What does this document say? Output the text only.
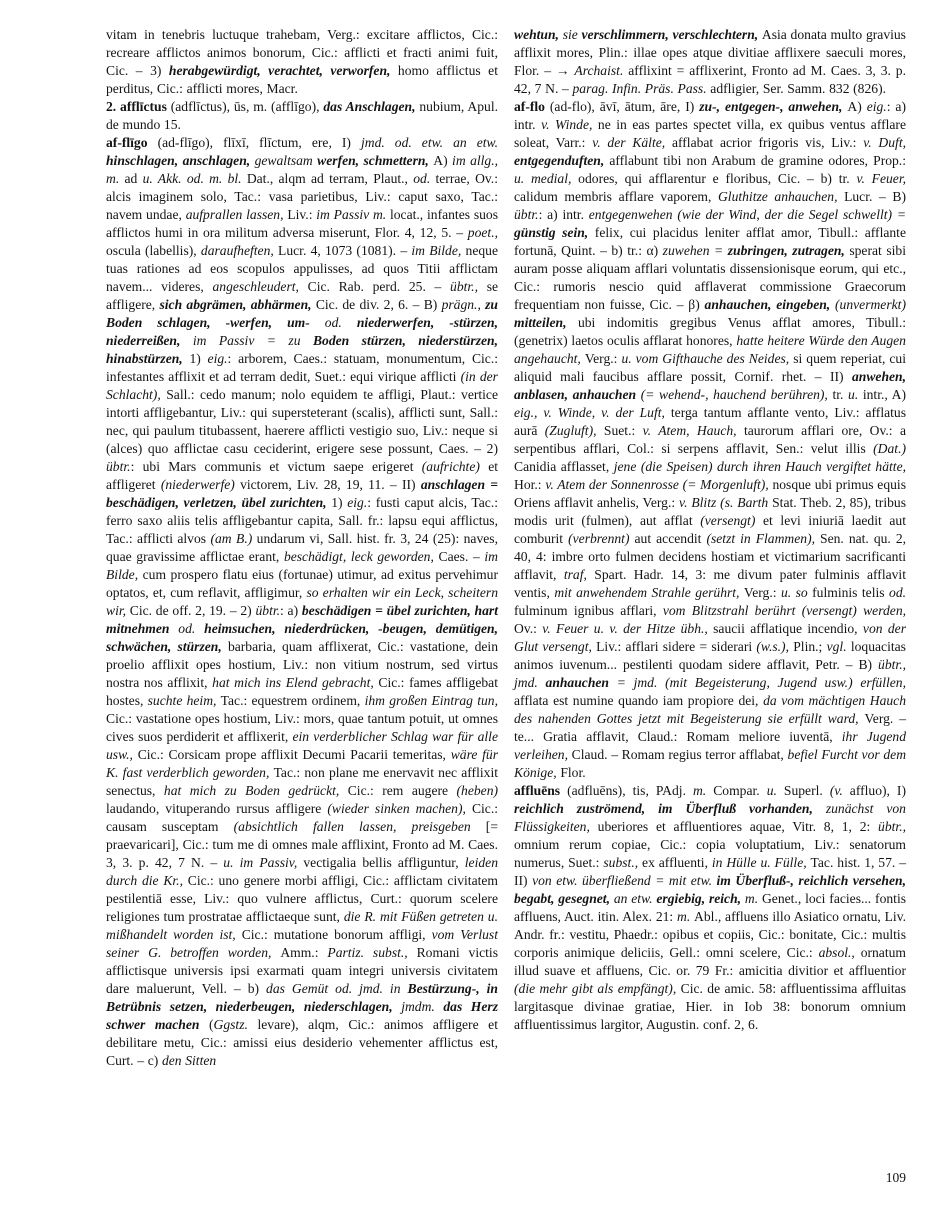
vitam in tenebris luctuque trahebam, Verg.: excitare afflictos, Cic.: recreare afflictos animos bonorum, Cic.: afflicti et fracti animi fuit, Cic. – 3) herabgewürdigt, verachtet, verworfen, homo afflictus et perditus, Cic.: afflicti mores, Macr.

2. afflīctus (adflīctus), ūs, m. (afflīgo), das Anschlagen, nubium, Apul. de mundo 15.

af-flīgo (ad-flīgo), flīxī, flīctum, ere, I) jmd. od. etw. an etw. hinschlagen, anschlagen, gewaltsam werfen, schmettern, A) im allg., m. ad u. Akk. od. m. bl. Dat., alqm ad terram, Plaut., od. terrae, Ov.: alcis imaginem solo, Tac.: vasa parietibus, Liv.: caput saxo, Tac.: navem undae, aufprallen lassen, Liv.: im Passiv m. locat., infantes suos afflictos humi in ora militum adversa miserunt, Flor. 4, 12, 5. – poet., oscula (labellis), daraufheften, Lucr. 4, 1073 (1081). – im Bilde, neque tuas rationes ad eos scopulos appulisses, ad quos Titii afflictam navem... videres, angeschleudert, Cic. Rab. perd. 25. – übtr., se affligere, sich abgrämen, abhärmen, Cic. de div. 2, 6. – B) prägn., zu Boden schlagen, -werfen, um- od. niederwerfen, -stürzen, niederreißen, im Passiv = zu Boden stürzen, niederstürzen, hinabstürzen, 1) eig.: arborem, Caes.: statuam, monumentum, Cic.: infestantes afflixit et ad terram dedit, Suet.: equi virique afflicti (in der Schlacht), Sall.: cedo manum; nolo equidem te affligi, Plaut.: vertice intorti affligebantur, Liv.: qui supersteterant (scalis), afflicti sunt, Sall.: nec, qui paulum titubassent, haerere afflicti vestigio suo, Liv.: neque si (alces) quo afflictae casu ceciderint, erigere sese possunt, Caes. – 2) übtr.: ubi Mars communis et victum saepe erigeret (aufrichte) et affligeret (niederwerfe) victorem, Liv. 28, 19, 11. – II) anschlagen = beschädigen, verletzen, übel zurichten, 1) eig.: fusti caput alcis, Tac.: ferro saxo aliis telis affligebantur capita, Sall. fr.: lapsu equi afflictus, Tac.: afflicti alvos (am B.) undarum vi, Sall. hist. fr. 3, 24 (25): naves, quae gravissime afflictae erant, beschädigt, leck geworden, Caes. – im Bilde, cum prospero flatu eius (fortunae) utimur, ad exitus pervehimur optatos, et, cum reflavit, affligimur, so erhalten wir ein Leck, scheitern wir, Cic. de off. 2, 19. – 2) übtr.: a) beschädigen = übel zurichten, hart mitnehmen od. heimsuchen, niederdrücken, -beugen, demütigen, schwächen, stürzen, barbaria, quam afflixerat, Cic.: vastatione, dein proelio afflixit opes hostium, Liv.: non vitium nostrum, sed virtus nostra nos afflixit, hat mich ins Elend gebracht, Cic.: fames affligebat hostes, suchte heim, Tac.: equestrem ordinem, ihm großen Eintrag tun, Cic.: vastatione opes hostium, Liv.: mors, quae tantum potuit, ut omnes cives suos perdiderit et afflixerit, ein verderblicher Schlag war für alle usw., Cic.: Corsicam prope afflixit Decumi Pacarii temeritas, wäre für K. fast verderblich geworden, Tac.: non plane me enervavit nec afflixit senectus, hat mich zu Boden gedrückt, Cic.: rem augere (heben) laudando, vituperando rursus affligere (wieder sinken machen), Cic.: causam susceptam (absichtlich fallen lassen, preisgeben [= praevaricari], Cic.: tum me di omnes male afflixint, Fronto ad M. Caes. 3, 3. p. 42, 7 N. – u. im Passiv, vectigalia bellis affliguntur, leiden durch die Kr., Cic.: uno genere morbi affligi, Cic.: afflictam civitatem pestilentiā esse, Liv.: quo vulnere afflictus, Curt.: quorum scelere religiones tum prostratae afflictaeque sunt, die R. mit Füßen getreten u. mißhandelt worden ist, Cic.: mutatione bonorum affligi, vom Verlust seiner G. betroffen worden, Amm.: Partiz. subst., Romani victis afflictisque universis ipsi exarmati quam integri universis civitatem dare maluerunt, Vell. – b) das Gemüt od. jmd. in Bestürzung-, in Betrübnis setzen, niederbeugen, niederschlagen, jmdm. das Herz schwer machen (Ggstz. levare), alqm, Cic.: animos affligere et debilitare metu, Cic.: amissi eius desiderio vehementer afflictus est, Curt. – c) den Sitten

wehtun, sie verschlimmern, verschlechtern, Asia donata multo gravius afflixit mores, Plin.: illae opes atque divitiae afflixere saeculi mores, Flor. – → Archaist. afflixint = afflixerint, Fronto ad M. Caes. 3, 3. p. 42, 7 N. – parag. Infin. Präs. Pass. adfligier, Ser. Samm. 832 (826).

af-flo (ad-flo), āvī, ātum, āre, I) zu-, entgegen-, anwehen, A) eig.: a) intr. v. Winde, ne in eas partes spectet villa, ex quibus ventus afflare soleat, Varr.: v. der Kälte, afflabat acrior frigoris vis, Liv.: v. Duft, entgegenduften, afflabunt tibi non Arabum de gramine odores, Prop.: u. medial, odores, qui afflarentur e floribus, Cic. – b) tr. v. Feuer, calidum membris afflare vaporem, Gluthitze anhauchen, Lucr. – B) übtr.: a) intr. entgegenwehen (wie der Wind, der die Segel schwellt) = günstig sein, felix, cui placidus leniter afflat amor, Tibull.: afflante fortunā, Quint. – b) tr.: α) zuwehen = zubringen, zutragen, sperat sibi auram posse aliquam afflari voluntatis dissensionisque eorum, qui etc., Cic.: rumoris nescio quid afflaverat commissione Graecorum frequentiam non fuisse, Cic. – β) anhauchen, eingeben, (unvermerkt) mitteilen, ubi indomitis gregibus Venus afflat amores, Tibull.: (genetrix) laetos oculis afflarat honores, hatte heitere Würde den Augen angehaucht, Verg.: u. vom Gifthauche des Neides, si quem reperiat, cui aliquid mali faucibus afflare possit, Cornif. rhet. – II) anwehen, anblasen, anhauchen (= wehend-, hauchend berühren), tr. u. intr., A) eig., v. Winde, v. der Luft, terga tantum afflante vento, Liv.: afflatus aurā (Zugluft), Suet.: v. Atem, Hauch, taurorum afflari ore, Ov.: a serpentibus afflari, Col.: si serpens afflavit, Sen.: velut illis (Dat.) Canidia afflasset, jene (die Speisen) durch ihren Hauch vergiftet hätte, Hor.: v. Atem der Sonnenrosse (= Morgenluft), nosque ubi primus equis Oriens afflavit anhelis, Verg.: v. Blitz (s. Barth Stat. Theb. 2, 85), tribus modis urit (fulmen), aut afflat (versengt) et levi iniuriā laedit aut comburit (verbrennt) aut accendit (setzt in Flammen), Sen. nat. qu. 2, 40, 4: imbre orto fulmen decidens hostiam et victimarium sacrificanti afflavit, traf, Spart. Hadr. 14, 3: me divum pater fulminis afflavit ventis, mit anwehendem Strahle gerührt, Verg.: u. so fulminis telis od. fulminum ignibus afflari, vom Blitzstrahl berührt (versengt) werden, Ov.: v. Feuer u. v. der Hitze übh., saucii afflatique incendio, von der Glut versengt, Liv.: afflari sidere = siderari (w.s.), Plin.; vgl. loquacitas animos iuvenum... pestilenti quodam sidere afflavit, Petr. – B) übtr., jmd. anhauchen = jmd. (mit Begeisterung, Jugend usw.) erfüllen, afflata est numine quando iam propiore dei, da vom mächtigen Hauch des nahenden Gottes jetzt mit Begeisterung sie erfüllt ward, Verg. – te... Gratia afflavit, Claud.: Romam meliore iuventā, ihr Jugend verleihen, Claud. – Romam regius terror afflabat, befiel Furcht vor dem Könige, Flor.

affluēns (adfluēns), tis, PAdj. m. Compar. u. Superl. (v. affluo), I) reichlich zuströmend, im Überfluß vorhanden, zunächst von Flüssigkeiten, uberiores et affluentiores aquae, Vitr. 8, 1, 2: übtr., omnium rerum copiae, Cic.: copia voluptatium, Liv.: senatorum numerus, Suet.: subst., ex affluenti, in Hülle u. Fülle, Tac. hist. 1, 57. – II) von etw. überfließend = mit etw. im Überfluß-, reichlich versehen, begabt, gesegnet, an etw. ergiebig, reich, m. Genet., loci facies... fontis affluens, Auct. itin. Alex. 21: m. Abl., affluens illo Asiatico ornatu, Liv. Andr. fr.: vestitu, Phaedr.: opibus et copiis, Cic.: bonitate, Cic.: multis corporis animique deliciis, Gell.: omni scelere, Cic.: absol., ornatum illud suave et affluens, Cic. or. 79 Fr.: amicitia divitior et affluentior (die mehr gibt als empfängt), Cic. de amic. 58: affluentissima affluitas largitasque divinae gratiae, Hier. in Iob 38: bonorum omnium affluentissimus largitor, Augustin. conf. 2, 6.

109
